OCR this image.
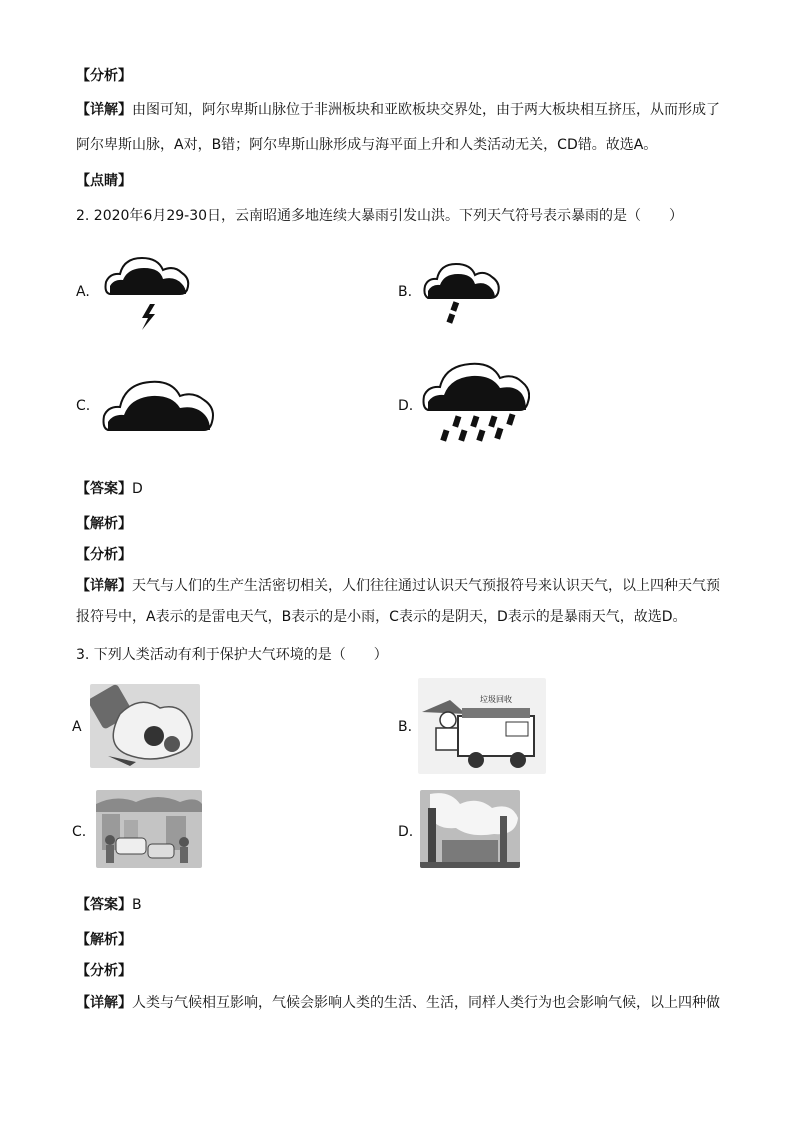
【分析】
【详解】由图可知，阿尔卑斯山脉位于非洲板块和亚欧板块交界处，由于两大板块相互挤压，从而形成了
阿尔卑斯山脉，A对，B错；阿尔卑斯山脉形成与海平面上升和人类活动无关，CD错。故选A。
【点睛】
2. 2020年6月29-30日，云南昭通多地连续大暴雨引发山洪。下列天气符号表示暴雨的是（　　）
A.	B.
C.	D.
【答案】D
【解析】
【分析】
【详解】天气与人们的生产生活密切相关，人们往往通过认识天气预报符号来认识天气，以上四种天气预
报符号中，A表示的是雷电天气，B表示的是小雨，C表示的是阴天，D表示的是暴雨天气，故选D。
3. 下列人类活动有利于保护大气环境的是（　　）
A	B.
垃圾回收
C.	D.
【答案】B
【解析】
【分析】
【详解】人类与气候相互影响，气候会影响人类的生活、生活，同样人类行为也会影响气候，以上四种做
